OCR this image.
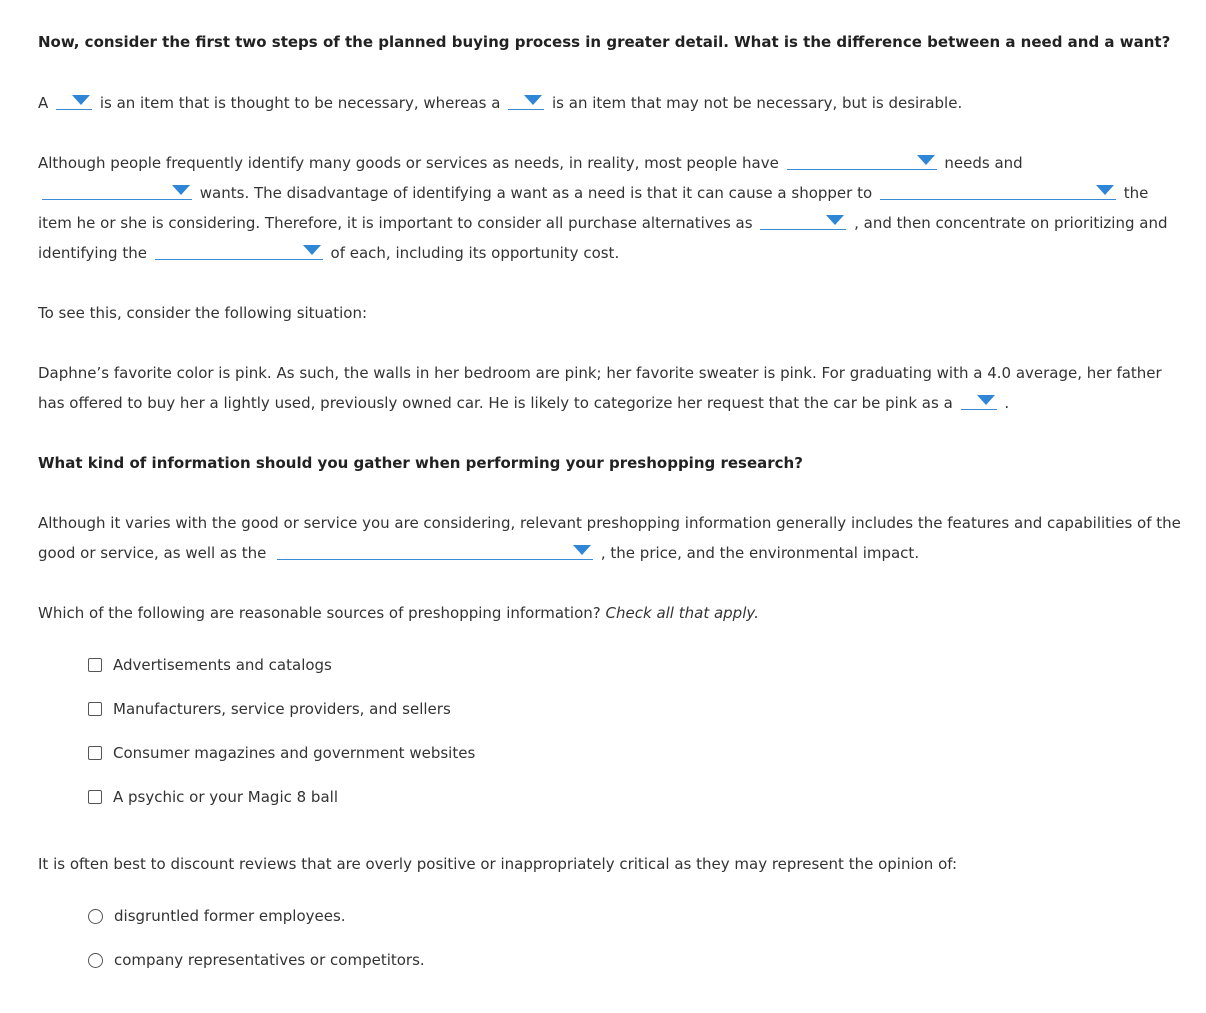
Now, consider the first two steps of the planned buying process in greater detail. What is the difference between a need and a want?
A	is an item that is thought to be necessary, whereas a	is an item that may not be necessary, but is desirable.
Although people frequently identify many goods or services as needs, in reality, most people have	needs and

wants. The disadvantage of identifying a want as a need is that it can cause a shopper to	the
item he or she is considering. Therefore, it is important to consider all purchase alternatives as	, and then concentrate on prioritizing and
identifying the	of each, including its opportunity cost.
To see this, consider the following situation:
Daphne’s favorite color is pink. As such, the walls in her bedroom are pink; her favorite sweater is pink. For graduating with a 4.0 average, her father
has offered to buy her a lightly used, previously owned car. He is likely to categorize her request that the car be pink as a	.
What kind of information should you gather when performing your preshopping research?
Although it varies with the good or service you are considering, relevant preshopping information generally includes the features and capabilities of the
good or service, as well as the	, the price, and the environmental impact.
Which of the following are reasonable sources of preshopping information? Check all that apply.
Advertisements and catalogs
Manufacturers, service providers, and sellers
Consumer magazines and government websites
A psychic or your Magic 8 ball
It is often best to discount reviews that are overly positive or inappropriately critical as they may represent the opinion of:
disgruntled former employees.
company representatives or competitors.
